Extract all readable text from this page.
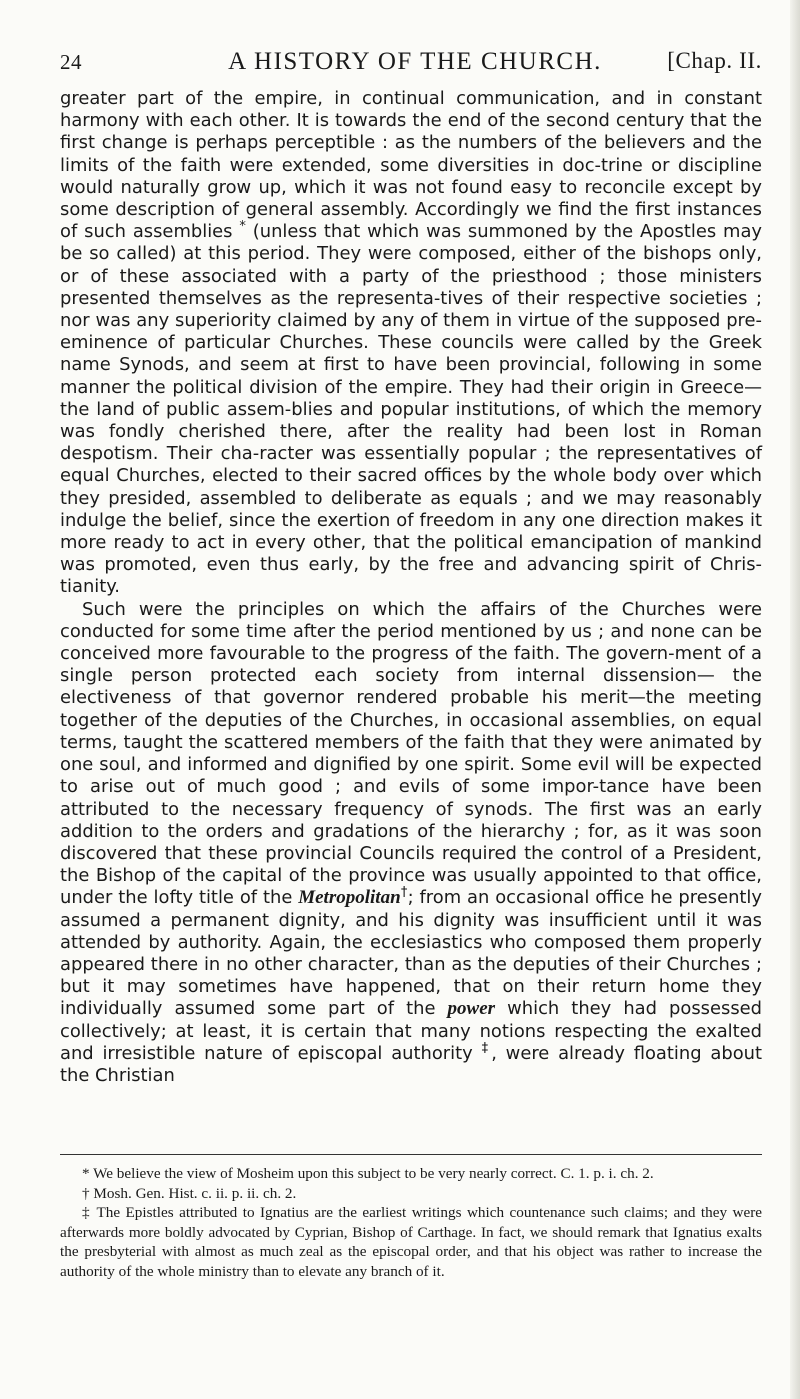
24	A HISTORY OF THE CHURCH.	[Chap. II.

greater part of the empire, in continual communication, and in constant harmony with each other. It is towards the end of the second century that the first change is perhaps perceptible : as the numbers of the believers and the limits of the faith were extended, some diversities in doc-trine or discipline would naturally grow up, which it was not found easy to reconcile except by some description of general assembly. Accordingly we find the first instances of such assemblies * (unless that which was summoned by the Apostles may be so called) at this period. They were composed, either of the bishops only, or of these associated with a party of the priesthood ; those ministers presented themselves as the representa-tives of their respective societies ; nor was any superiority claimed by any of them in virtue of the supposed pre-eminence of particular Churches. These councils were called by the Greek name Synods, and seem at first to have been provincial, following in some manner the political division of the empire. They had their origin in Greece—the land of public assem-blies and popular institutions, of which the memory was fondly cherished there, after the reality had been lost in Roman despotism. Their cha-racter was essentially popular ; the representatives of equal Churches, elected to their sacred offices by the whole body over which they presided, assembled to deliberate as equals ; and we may reasonably indulge the belief, since the exertion of freedom in any one direction makes it more ready to act in every other, that the political emancipation of mankind was promoted, even thus early, by the free and advancing spirit of Chris-tianity.

Such were the principles on which the affairs of the Churches were conducted for some time after the period mentioned by us ; and none can be conceived more favourable to the progress of the faith. The govern-ment of a single person protected each society from internal dissension— the electiveness of that governor rendered probable his merit—the meeting together of the deputies of the Churches, in occasional assemblies, on equal terms, taught the scattered members of the faith that they were animated by one soul, and informed and dignified by one spirit. Some evil will be expected to arise out of much good ; and evils of some impor-tance have been attributed to the necessary frequency of synods. The first was an early addition to the orders and gradations of the hierarchy ; for, as it was soon discovered that these provincial Councils required the control of a President, the Bishop of the capital of the province was usually appointed to that office, under the lofty title of the Metropolitan†; from an occasional office he presently assumed a permanent dignity, and his dignity was insufficient until it was attended by authority. Again, the ecclesiastics who composed them properly appeared there in no other character, than as the deputies of their Churches ; but it may sometimes have happened, that on their return home they individually assumed some part of the power which they had possessed collectively; at least, it is certain that many notions respecting the exalted and irresistible nature of episcopal authority ‡, were already floating about the Christian

* We believe the view of Mosheim upon this subject to be very nearly correct. C. 1. p. i. ch. 2.

† Mosh. Gen. Hist. c. ii. p. ii. ch. 2.

‡ The Epistles attributed to Ignatius are the earliest writings which countenance such claims; and they were afterwards more boldly advocated by Cyprian, Bishop of Carthage. In fact, we should remark that Ignatius exalts the presbyterial with almost as much zeal as the episcopal order, and that his object was rather to increase the authority of the whole ministry than to elevate any branch of it.
